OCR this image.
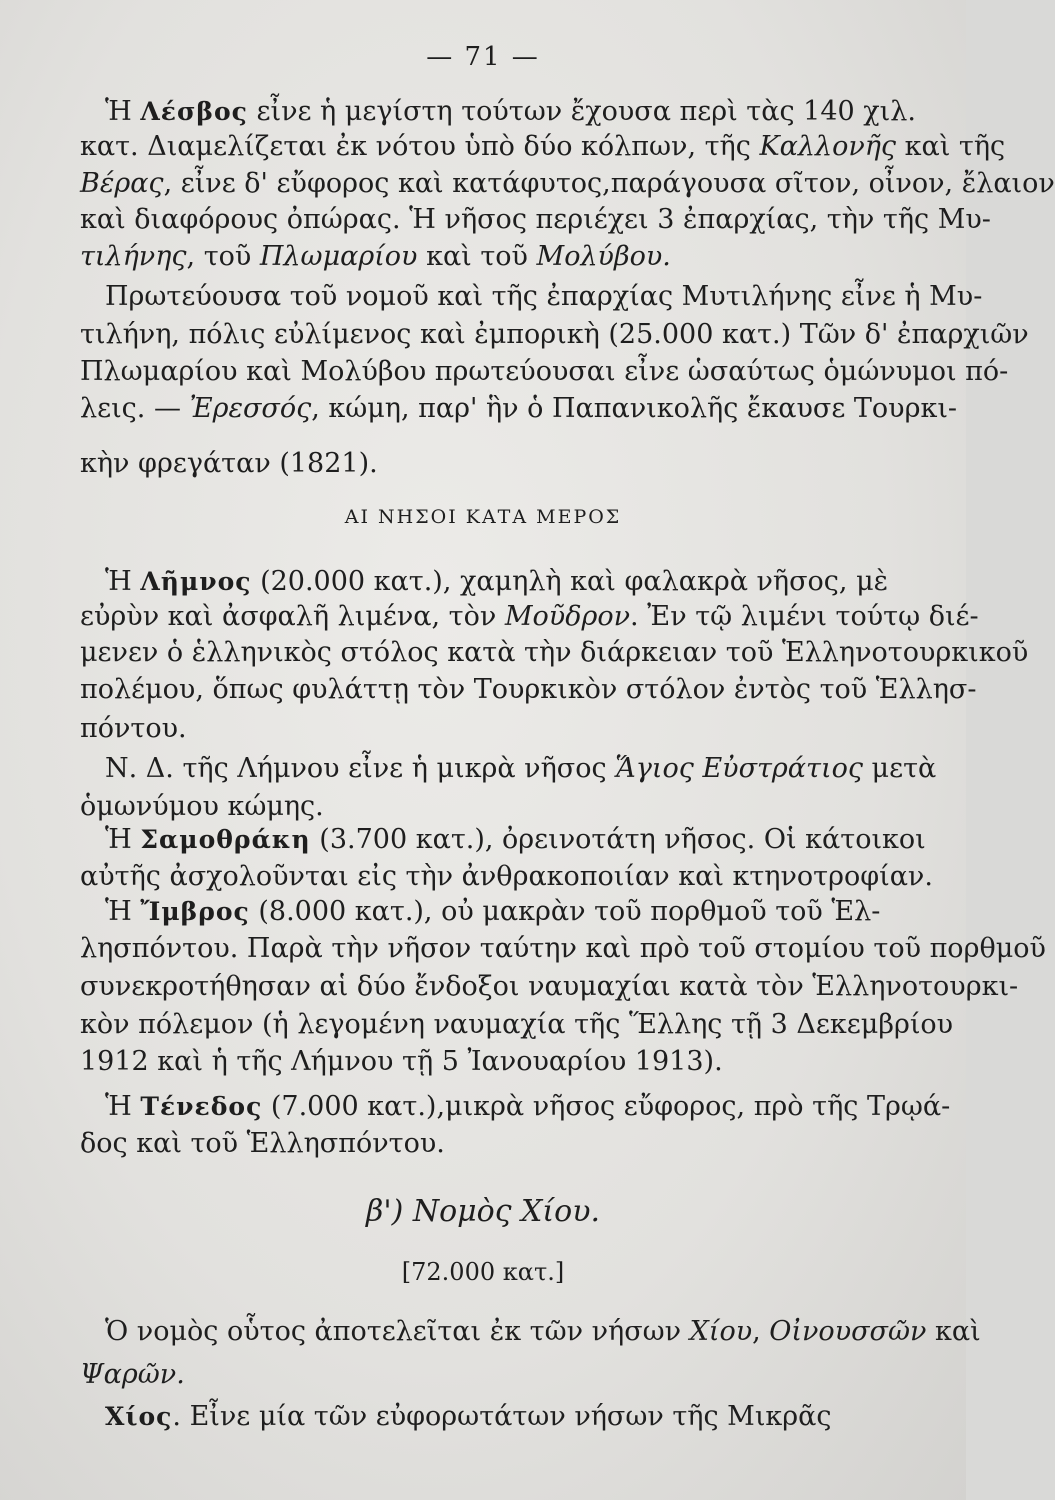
— 71 —
Ἡ Λέσβος εἶνε ἡ μεγίστη τούτων ἔχουσα περὶ τὰς 140 χιλ.
κατ. Διαμελίζεται ἐκ νότου ὑπὸ δύο κόλπων, τῆς Καλλονῆς καὶ τῆς
Βέρας, εἶνε δ' εὔφορος καὶ κατάφυτος,παράγουσα σῖτον, οἶνον, ἔλαιον
καὶ διαφόρους ὀπώρας. Ἡ νῆσος περιέχει 3 ἐπαρχίας, τὴν τῆς Μυ-
τιλήνης, τοῦ Πλωμαρίου καὶ τοῦ Μολύβου.
Πρωτεύουσα τοῦ νομοῦ καὶ τῆς ἐπαρχίας Μυτιλήνης εἶνε ἡ Μυ-
τιλήνη, πόλις εὐλίμενος καὶ ἐμπορικὴ (25.000 κατ.) Τῶν δ' ἐπαρχιῶν
Πλωμαρίου καὶ Μολύβου πρωτεύουσαι εἶνε ὡσαύτως ὁμώνυμοι πό-
λεις. — Ἐρεσσός, κώμη, παρ' ἣν ὁ Παπανικολῆς ἔκαυσε Τουρκι-
κὴν φρεγάταν (1821).
ΑΙ ΝΗΣΟΙ ΚΑΤΑ ΜΕΡΟΣ
Ἡ Λῆμνος (20.000 κατ.), χαμηλὴ καὶ φαλακρὰ νῆσος, μὲ
εὐρὺν καὶ ἀσφαλῆ λιμένα, τὸν Μοῦδρον. Ἐν τῷ λιμένι τούτῳ διέ-
μενεν ὁ ἑλληνικὸς στόλος κατὰ τὴν διάρκειαν τοῦ Ἑλληνοτουρκικοῦ
πολέμου, ὅπως φυλάττῃ τὸν Τουρκικὸν στόλον ἐντὸς τοῦ Ἑλλησ-
πόντου.
Ν. Δ. τῆς Λήμνου εἶνε ἡ μικρὰ νῆσος Ἅγιος Εὐστράτιος μετὰ
ὁμωνύμου κώμης.
Ἡ Σαμοθράκη (3.700 κατ.), ὀρεινοτάτη νῆσος. Οἱ κάτοικοι
αὐτῆς ἀσχολοῦνται εἰς τὴν ἀνθρακοποιίαν καὶ κτηνοτροφίαν.
Ἡ Ἴμβρος (8.000 κατ.), οὐ μακρὰν τοῦ πορθμοῦ τοῦ Ἑλ-
λησπόντου. Παρὰ τὴν νῆσον ταύτην καὶ πρὸ τοῦ στομίου τοῦ πορθμοῦ
συνεκροτήθησαν αἱ δύο ἔνδοξοι ναυμαχίαι κατὰ τὸν Ἑλληνοτουρκι-
κὸν πόλεμον (ἡ λεγομένη ναυμαχία τῆς Ἕλλης τῇ 3 Δεκεμβρίου
1912 καὶ ἡ τῆς Λήμνου τῇ 5 Ἰανουαρίου 1913).
Ἡ Τένεδος (7.000 κατ.),μικρὰ νῆσος εὔφορος, πρὸ τῆς Τρῳά-
δος καὶ τοῦ Ἑλλησπόντου.
β') Νομὸς Χίου.
[72.000 κατ.]
Ὁ νομὸς οὗτος ἀποτελεῖται ἐκ τῶν νήσων Χίου, Οἰνουσσῶν καὶ
Ψαρῶν.
Χίος. Εἶνε μία τῶν εὐφορωτάτων νήσων τῆς Μικρᾶς
